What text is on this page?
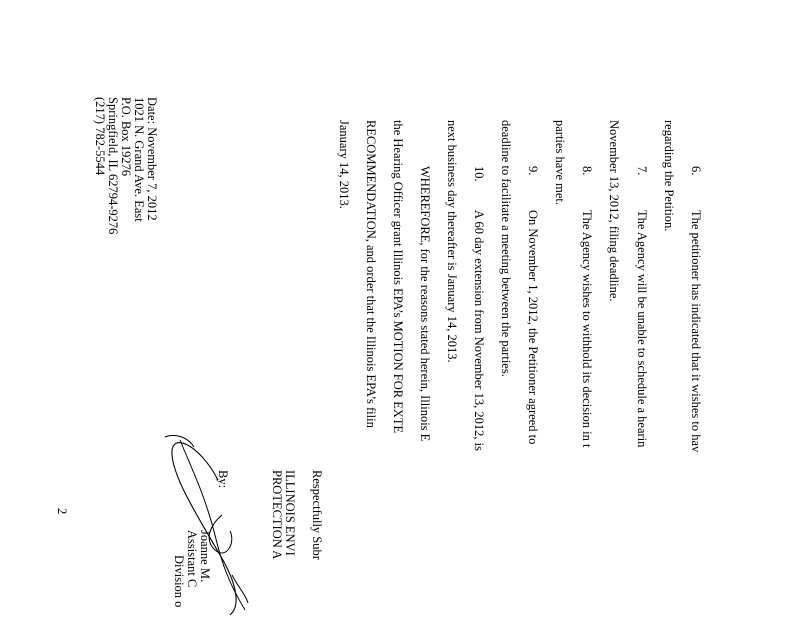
6.
The petitioner has indicated that it wishes to hav
regarding the Petition.
7.
The Agency will be unable to schedule a hearin
November 13, 2012, filing deadline.
8.
The Agency wishes to withhold its decision in t
parties have met.
9.
On November 1, 2012, the Petitioner agreed to
deadline to facilitate a meeting between the parties.
10.
A 60 day extension from November 13, 2012, is
next business day thereafter is January 14, 2013.
WHEREFORE, for the reasons stated herein, Illinois E
the Hearing Officer grant Illinois EPA’s MOTION FOR EXTE
RECOMMENDATION, and order that the Illinois EPA’s filin
January 14, 2013.
Respectfully Subr
ILLINOIS ENVI
PROTECTION A
By:
Joanne M.
Assistant C
Division o
Date: November 7, 2012
1021 N. Grand Ave. East
P.O. Box 19276
Springfield, IL 62794-9276
(217) 782-5544
2
